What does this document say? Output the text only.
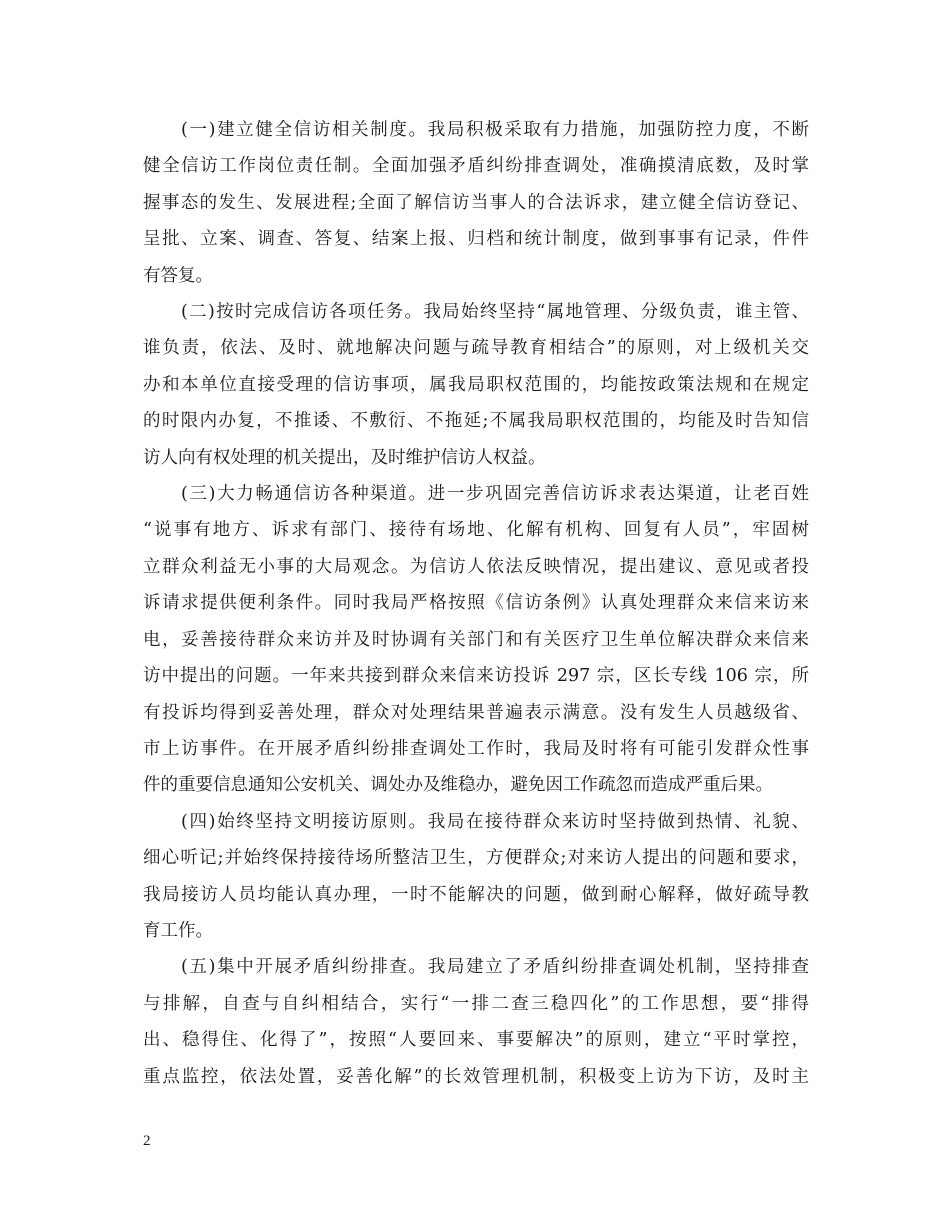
(一)建立健全信访相关制度。我局积极采取有力措施，加强防控力度，不断
健全信访工作岗位责任制。全面加强矛盾纠纷排查调处，准确摸清底数，及时掌
握事态的发生、发展进程;全面了解信访当事人的合法诉求，建立健全信访登记、
呈批、立案、调查、答复、结案上报、归档和统计制度，做到事事有记录，件件
有答复。

(二)按时完成信访各项任务。我局始终坚持“属地管理、分级负责，谁主管、
谁负责，依法、及时、就地解决问题与疏导教育相结合”的原则，对上级机关交
办和本单位直接受理的信访事项，属我局职权范围的，均能按政策法规和在规定
的时限内办复，不推诿、不敷衍、不拖延;不属我局职权范围的，均能及时告知信
访人向有权处理的机关提出，及时维护信访人权益。

(三)大力畅通信访各种渠道。进一步巩固完善信访诉求表达渠道，让老百姓
“说事有地方、诉求有部门、接待有场地、化解有机构、回复有人员”，牢固树
立群众利益无小事的大局观念。为信访人依法反映情况，提出建议、意见或者投
诉请求提供便利条件。同时我局严格按照《信访条例》认真处理群众来信来访来
电，妥善接待群众来访并及时协调有关部门和有关医疗卫生单位解决群众来信来
访中提出的问题。一年来共接到群众来信来访投诉 297 宗，区长专线 106 宗，所
有投诉均得到妥善处理，群众对处理结果普遍表示满意。没有发生人员越级省、
市上访事件。在开展矛盾纠纷排查调处工作时，我局及时将有可能引发群众性事
件的重要信息通知公安机关、调处办及维稳办，避免因工作疏忽而造成严重后果。

(四)始终坚持文明接访原则。我局在接待群众来访时坚持做到热情、礼貌、
细心听记;并始终保持接待场所整洁卫生，方便群众;对来访人提出的问题和要求，
我局接访人员均能认真办理，一时不能解决的问题，做到耐心解释，做好疏导教
育工作。

(五)集中开展矛盾纠纷排查。我局建立了矛盾纠纷排查调处机制，坚持排查
与排解，自查与自纠相结合，实行“一排二查三稳四化”的工作思想，要“排得
出、稳得住、化得了”，按照“人要回来、事要解决”的原则，建立“平时掌控，
重点监控，依法处置，妥善化解”的长效管理机制，积极变上访为下访，及时主

2
